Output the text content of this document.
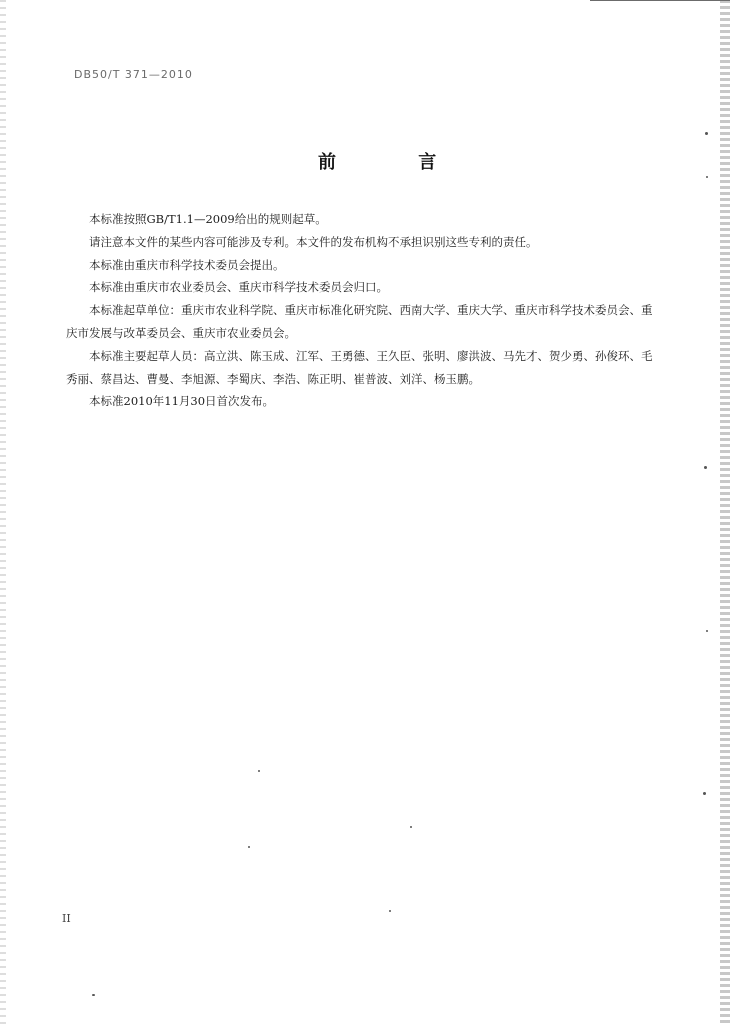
DB50/T 371—2010
前 言

本标准按照GB/T1.1—2009给出的规则起草。

请注意本文件的某些内容可能涉及专利。本文件的发布机构不承担识别这些专利的责任。

本标准由重庆市科学技术委员会提出。

本标准由重庆市农业委员会、重庆市科学技术委员会归口。

本标准起草单位：重庆市农业科学院、重庆市标准化研究院、西南大学、重庆大学、重庆市科学技术委员会、重庆市发展与改革委员会、重庆市农业委员会。

本标准主要起草人员：高立洪、陈玉成、江军、王勇德、王久臣、张明、廖洪波、马先才、贺少勇、孙俊环、毛秀丽、蔡昌达、曹曼、李旭源、李蜀庆、李浩、陈正明、崔普波、刘洋、杨玉鹏。

本标准2010年11月30日首次发布。

II
